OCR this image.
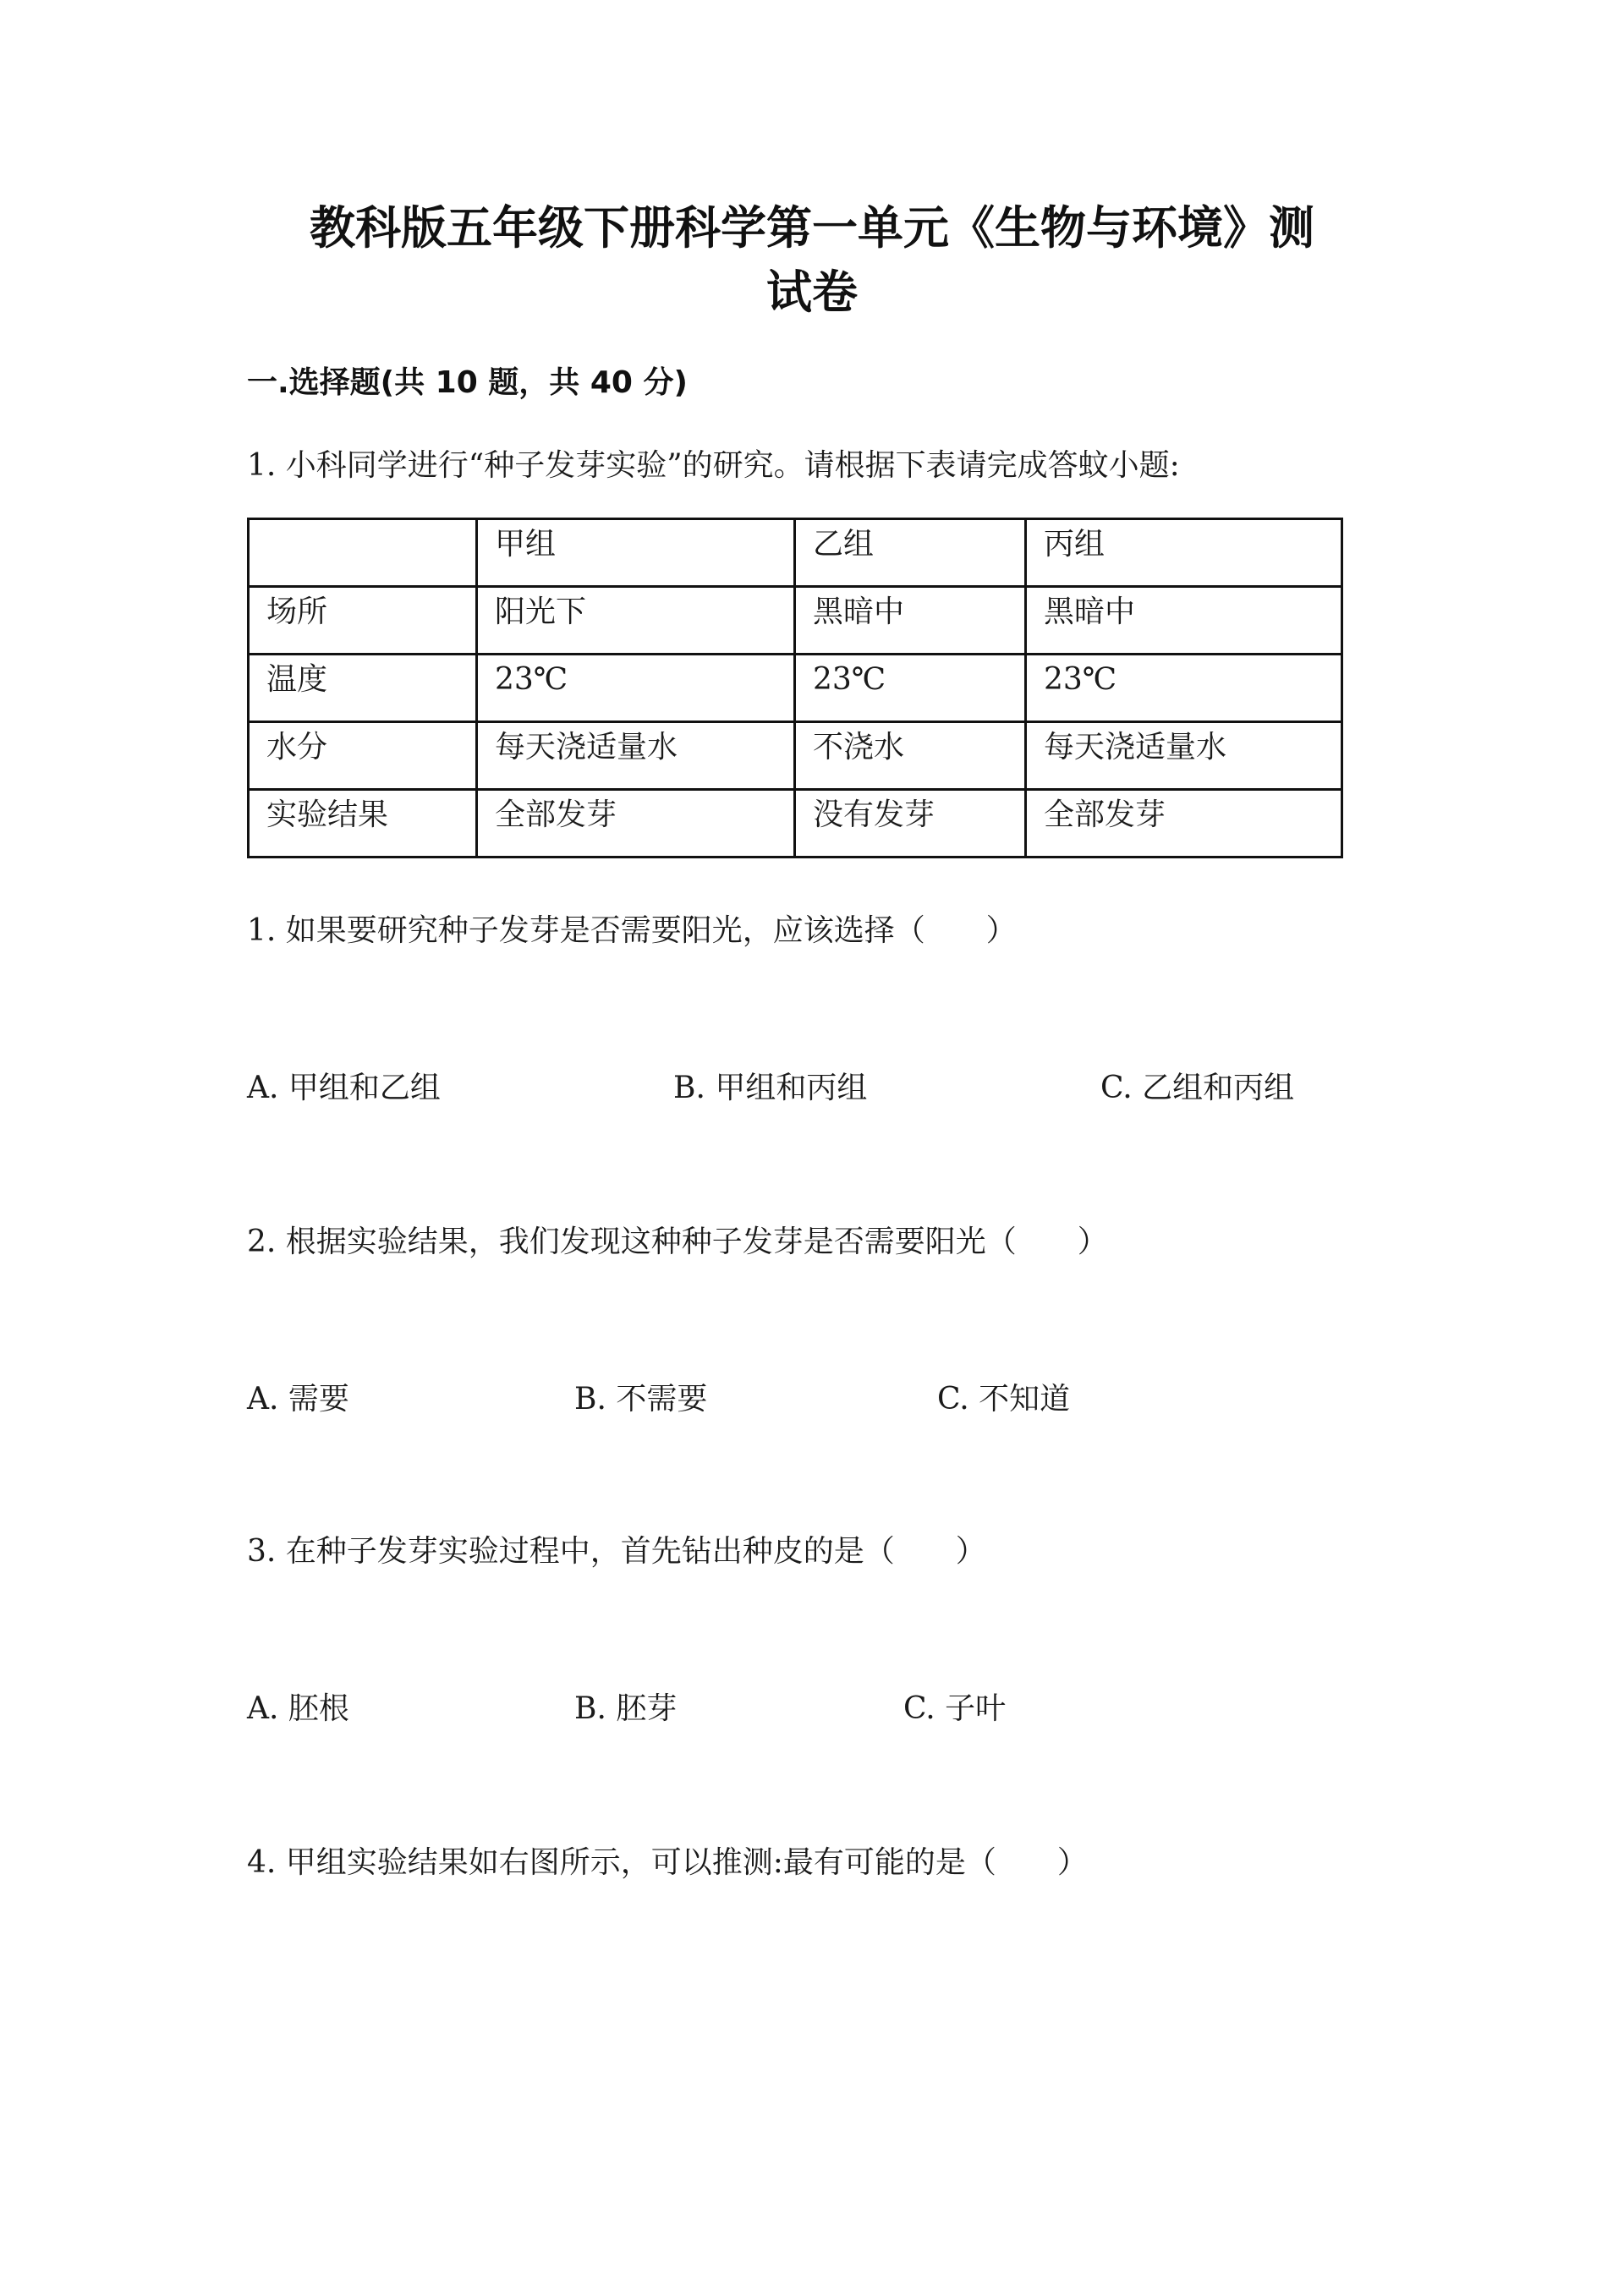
教科版五年级下册科学第一单元《生物与环境》测
试卷
一.选择题(共 10 题，共 40 分)

1. 小科同学进行“种子发芽实验”的研究。请根据下表请完成答蚊小题:

	甲组	乙组	丙组
场所	阳光下	黑暗中	黑暗中
温度	23℃	23℃	23℃
水分	每天浇适量水	不浇水	每天浇适量水
实验结果	全部发芽	没有发芽	全部发芽

1. 如果要研究种子发芽是否需要阳光，应该选择（　　）

A. 甲组和乙组	B. 甲组和丙组	C. 乙组和丙组

2. 根据实验结果，我们发现这种种子发芽是否需要阳光（　　）

A. 需要	B. 不需要	C. 不知道

3. 在种子发芽实验过程中，首先钻出种皮的是（　　）

A. 胚根	B. 胚芽	C. 子叶

4. 甲组实验结果如右图所示，可以推测:最有可能的是（　　）
